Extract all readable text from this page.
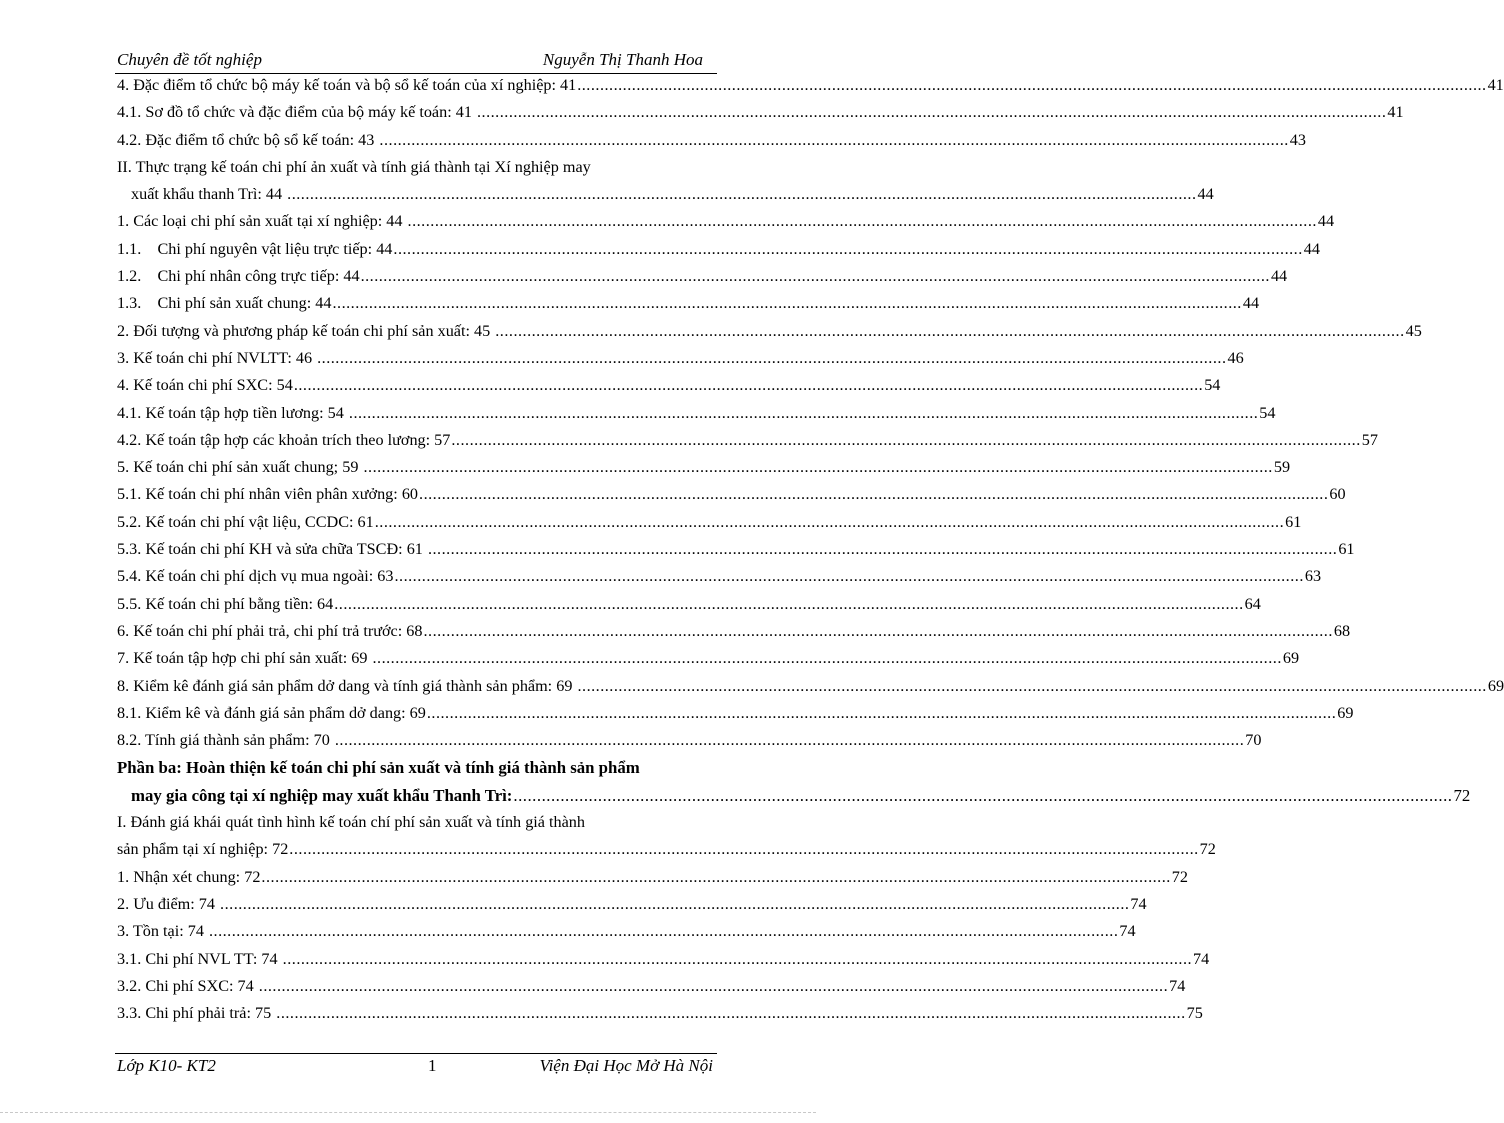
Chuyên đề tốt nghiệp	Nguyễn Thị Thanh Hoa
4. Đặc điểm tổ chức bộ máy kế toán và bộ sổ kế toán của xí nghiệp: 41 ........................................................................................................................................................................................................ 41
4.1. Sơ đồ tổ chức và đặc điểm của bộ máy kế toán: 41 ........................................................................................................................................................................................................ 41
4.2. Đặc điểm tổ chức bộ sổ kế toán: 43 ........................................................................................................................................................................................................ 43
II. Thực trạng kế toán chi phí ản xuất và tính giá thành tại Xí nghiệp may
xuất khẩu thanh Trì: 44 ........................................................................................................................................................................................................ 44
1. Các loại chi phí sản xuất tại xí nghiệp: 44 ........................................................................................................................................................................................................ 44
1.1.    Chi phí nguyên vật liệu trực tiếp: 44 ........................................................................................................................................................................................................ 44
1.2.    Chi phí nhân công trực tiếp: 44 ........................................................................................................................................................................................................ 44
1.3.    Chi phí sản xuất chung: 44 ........................................................................................................................................................................................................ 44
2. Đối tượng và phương pháp kế toán chi phí sản xuất: 45 ........................................................................................................................................................................................................ 45
3. Kế toán chi phí NVLTT: 46 ........................................................................................................................................................................................................ 46
4. Kế toán chi phí SXC: 54 ........................................................................................................................................................................................................ 54
4.1. Kế toán tập hợp tiền lương: 54 ........................................................................................................................................................................................................ 54
4.2. Kế toán tập hợp các khoản trích theo lương: 57 ........................................................................................................................................................................................................ 57
5. Kế toán chi phí sản xuất chung; 59 ........................................................................................................................................................................................................ 59
5.1. Kế toán chi phí nhân viên phân xưởng: 60 ........................................................................................................................................................................................................ 60
5.2. Kế toán chi phí vật liệu, CCDC: 61 ........................................................................................................................................................................................................ 61
5.3. Kế toán chi phí KH và sửa chữa TSCĐ: 61 ........................................................................................................................................................................................................ 61
5.4. Kế toán chi phí dịch vụ mua ngoài: 63 ........................................................................................................................................................................................................ 63
5.5. Kế toán chi phí bằng tiền: 64 ........................................................................................................................................................................................................ 64
6. Kế toán chi phí phải trả, chi phí trả trước: 68 ........................................................................................................................................................................................................ 68
7. Kế toán tập hợp chi phí sản xuất: 69 ........................................................................................................................................................................................................ 69
8. Kiểm kê đánh giá sản phẩm dở dang và tính giá thành sản phẩm: 69 ........................................................................................................................................................................................................ 69
8.1. Kiểm kê và đánh giá sản phẩm dở dang: 69 ........................................................................................................................................................................................................ 69
8.2. Tính giá thành sản phẩm: 70 ........................................................................................................................................................................................................ 70
Phần ba: Hoàn thiện kế toán chi phí sản xuất và tính giá thành sản phẩm
may gia công tại xí nghiệp may xuất khẩu Thanh Trì: ........................................................................................................................................................................................................ 72
I. Đánh giá khái quát tình hình kế toán chí phí sản xuất và tính giá thành
sản phẩm tại xí nghiệp: 72 ........................................................................................................................................................................................................ 72
1. Nhận xét chung: 72 ........................................................................................................................................................................................................ 72
2. Ưu điểm: 74 ........................................................................................................................................................................................................ 74
3. Tồn tại: 74 ........................................................................................................................................................................................................ 74
3.1. Chi phí NVL TT: 74 ........................................................................................................................................................................................................ 74
3.2. Chi phí SXC: 74 ........................................................................................................................................................................................................ 74
3.3. Chi phí phải trả: 75 ........................................................................................................................................................................................................ 75
Lớp K10- KT2	1	Viện Đại Học Mở Hà Nội
